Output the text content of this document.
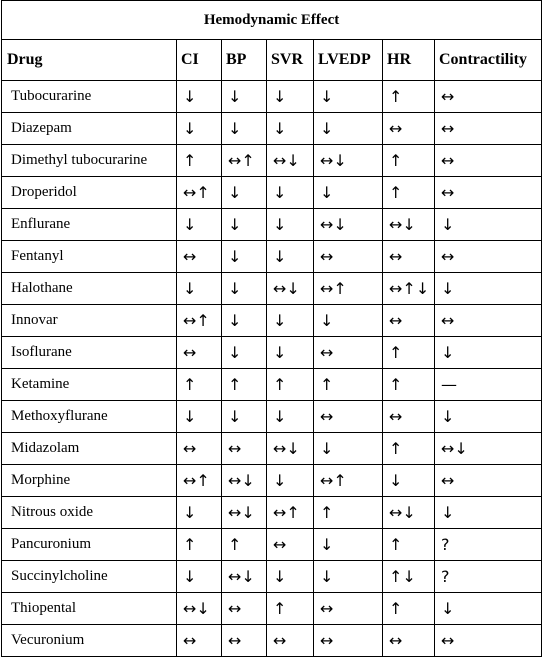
Hemodynamic Effect						
Drug	CI	BP	SVR	LVEDP	HR	Contractility
Tubocurarine	↓	↓	↓	↓	↑	↔
Diazepam	↓	↓	↓	↓	↔	↔
Dimethyl tubocurarine	↑	↔↑	↔↓	↔↓	↑	↔
Droperidol	↔↑	↓	↓	↓	↑	↔
Enflurane	↓	↓	↓	↔↓	↔↓	↓
Fentanyl	↔	↓	↓	↔	↔	↔
Halothane	↓	↓	↔↓	↔↑	↔↑↓	↓
Innovar	↔↑	↓	↓	↓	↔	↔
Isoflurane	↔	↓	↓	↔	↑	↓
Ketamine	↑	↑	↑	↑	↑	—
Methoxyflurane	↓	↓	↓	↔	↔	↓
Midazolam	↔	↔	↔↓	↓	↑	↔↓
Morphine	↔↑	↔↓	↓	↔↑	↓	↔
Nitrous oxide	↓	↔↓	↔↑	↑	↔↓	↓
Pancuronium	↑	↑	↔	↓	↑	?
Succinylcholine	↓	↔↓	↓	↓	↑↓	?
Thiopental	↔↓	↔	↑	↔	↑	↓
Vecuronium	↔	↔	↔	↔	↔	↔
